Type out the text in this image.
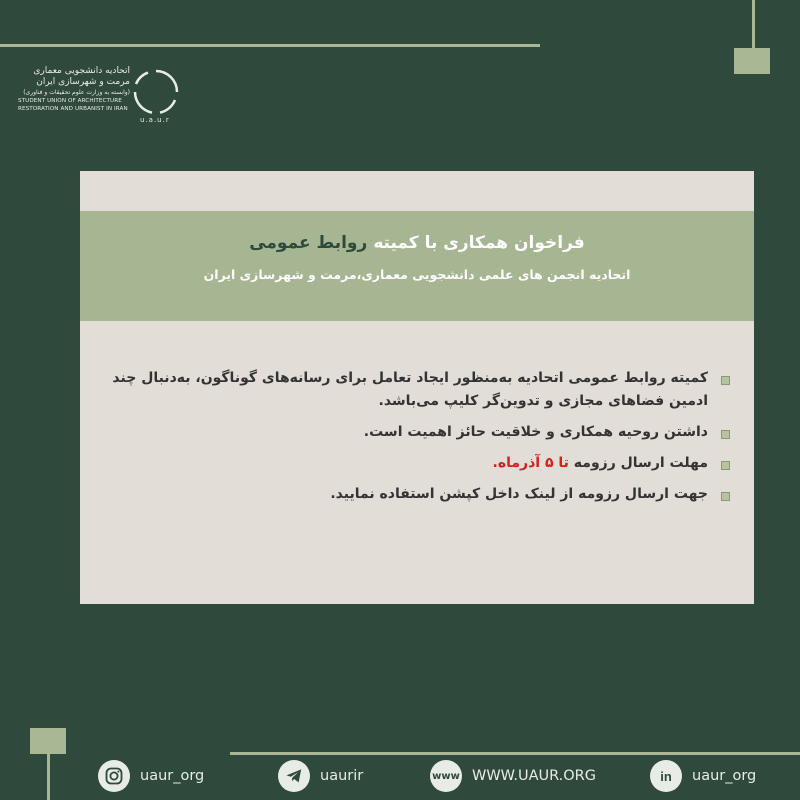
اتحادیه دانشجویی معماری
مرمت و شهرسازی ایران
(وابسته به وزارت علوم تحقیقات و فناوری)
STUDENT UNION OF ARCHITECTURE
RESTORATION AND URBANIST IN IRAN
u.a.u.r
فراخوان همکاری با کمیته روابط عمومی
اتحادیه انجمن های علمی دانشجویی معماری،مرمت و شهرسازی ایران
کمیته روابط عمومی اتحادیه به‌منظور ایجاد تعامل برای رسانه‌های گوناگون، به‌دنبال چند ادمین فضاهای مجازی و تدوین‌گر کلیپ می‌باشد.
داشتن روحیه همکاری و خلاقیت حائز اهمیت است.
مهلت ارسال رزومه تا ۵ آذرماه.
جهت ارسال رزومه از لینک داخل کپشن استفاده نمایید.
uaur_org	uaurir	www WWW.UAUR.ORG	in uaur_org
